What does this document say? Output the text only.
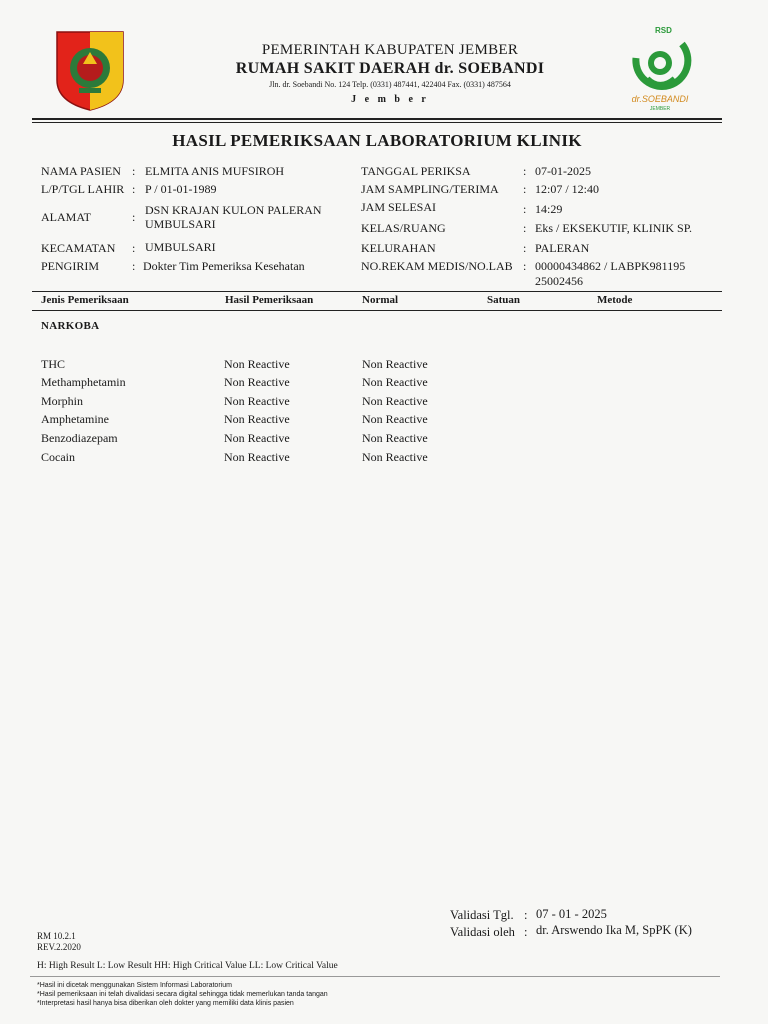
PEMERINTAH KABUPATEN JEMBER
RUMAH SAKIT DAERAH dr. SOEBANDI
Jln. dr. Soebandi No. 124 Telp. (0331) 487441, 422404 Fax. (0331) 487564
J e m b e r
RSD
dr.SOEBANDI
JEMBER
HASIL PEMERIKSAAN LABORATORIUM KLINIK
NAMA PASIEN : ELMITA ANIS MUFSIROH
L/P/TGL LAHIR : P / 01-01-1989
ALAMAT	: DSN KRAJAN KULON PALERAN
UMBULSARI
KECAMATAN : UMBULSARI
PENGIRIM	: Dokter Tim Pemeriksa Kesehatan
TANGGAL PERIKSA	: 07-01-2025
JAM SAMPLING/TERIMA : 12:07 / 12:40
JAM SELESAI	: 14:29
KELAS/RUANG	: Eks / EKSEKUTIF, KLINIK SP.
KELURAHAN	: PALERAN
NO.REKAM MEDIS/NO.LAB : 00000434862 / LABPK981195
25002456
Jenis Pemeriksaan	Hasil Pemeriksaan	Normal	Satuan	Metode
NARKOBA
THC	Non Reactive	Non Reactive
Methamphetamin	Non Reactive	Non Reactive
Morphin	Non Reactive	Non Reactive
Amphetamine	Non Reactive	Non Reactive
Benzodiazepam	Non Reactive	Non Reactive
Cocain	Non Reactive	Non Reactive
Validasi Tgl. : 07 - 01 - 2025
Validasi oleh : dr. Arswendo Ika M, SpPK (K)
RM 10.2.1
REV.2.2020
H: High Result L: Low Result HH: High Critical Value LL: Low Critical Value
*Hasil ini dicetak menggunakan Sistem Informasi Laboratorium
*Hasil pemeriksaan ini telah divalidasi secara digital sehingga tidak memerlukan tanda tangan
*Interpretasi hasil hanya bisa diberikan oleh dokter yang memiliki data klinis pasien
